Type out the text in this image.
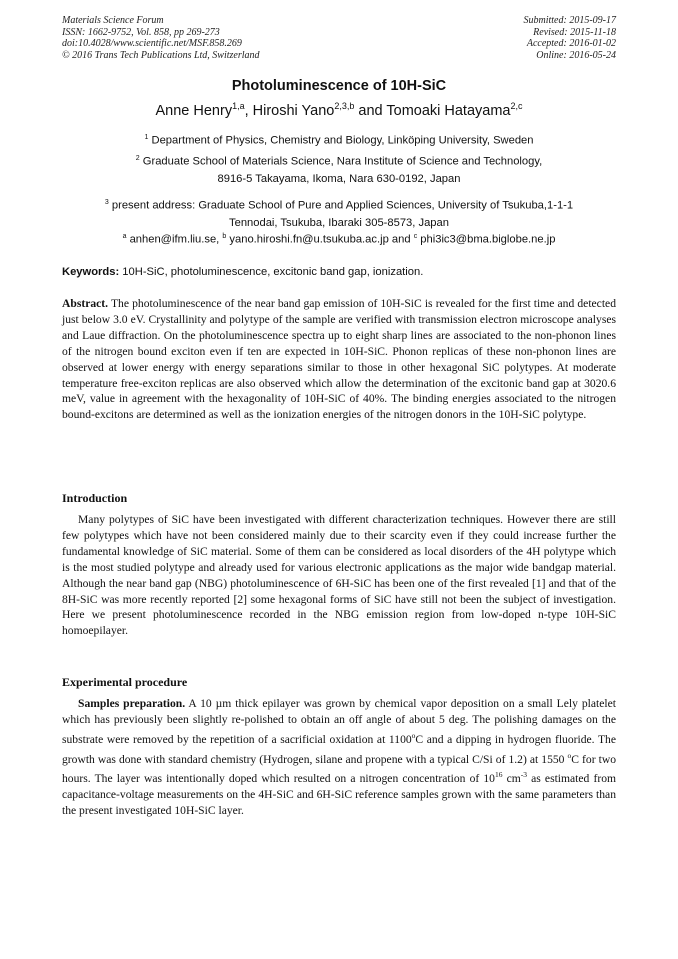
Materials Science Forum
ISSN: 1662-9752, Vol. 858, pp 269-273
doi:10.4028/www.scientific.net/MSF.858.269
© 2016 Trans Tech Publications Ltd, Switzerland
Submitted: 2015-09-17
Revised: 2015-11-18
Accepted: 2016-01-02
Online: 2016-05-24
Photoluminescence of 10H-SiC
Anne Henry$^{1,a}$, Hiroshi Yano$^{2,3,b}$ and Tomoaki Hatayama$^{2,c}$
$^1$ Department of Physics, Chemistry and Biology, Linköping University, Sweden
$^2$ Graduate School of Materials Science, Nara Institute of Science and Technology,
8916-5 Takayama, Ikoma, Nara 630-0192, Japan
$^3$ present address: Graduate School of Pure and Applied Sciences, University of Tsukuba,1-1-1
Tennodai, Tsukuba, Ibaraki 305-8573, Japan
$^a$ anhen@ifm.liu.se, $^b$ yano.hiroshi.fn@u.tsukuba.ac.jp and $^c$ phi3ic3@bma.biglobe.ne.jp
Keywords: 10H-SiC, photoluminescence, excitonic band gap, ionization.
Abstract. The photoluminescence of the near band gap emission of 10H-SiC is revealed for the first time and detected just below 3.0 eV. Crystallinity and polytype of the sample are verified with transmission electron microscope analyses and Laue diffraction. On the photoluminescence spectra up to eight sharp lines are associated to the non-phonon lines of the nitrogen bound exciton even if ten are expected in 10H-SiC. Phonon replicas of these non-phonon lines are observed at lower energy with energy separations similar to those in other hexagonal SiC polytypes. At moderate temperature free-exciton replicas are also observed which allow the determination of the excitonic band gap at 3020.6 meV, value in agreement with the hexagonality of 10H-SiC of 40%. The binding energies associated to the nitrogen bound-excitons are determined as well as the ionization energies of the nitrogen donors in the 10H-SiC polytype.
Introduction
Many polytypes of SiC have been investigated with different characterization techniques. However there are still few polytypes which have not been considered mainly due to their scarcity even if they could increase further the fundamental knowledge of SiC material. Some of them can be considered as local disorders of the 4H polytype which is the most studied polytype and already used for various electronic applications as the major wide bandgap material. Although the near band gap (NBG) photoluminescence of 6H-SiC has been one of the first revealed [1] and that of the 8H-SiC was more recently reported [2] some hexagonal forms of SiC have still not been the subject of investigation. Here we present photoluminescence recorded in the NBG emission region from low-doped n-type 10H-SiC homoepilayer.
Experimental procedure
Samples preparation. A 10 µm thick epilayer was grown by chemical vapor deposition on a small Lely platelet which has previously been slightly re-polished to obtain an off angle of about 5 deg. The polishing damages on the substrate were removed by the repetition of a sacrificial oxidation at 1100$^o$C and a dipping in hydrogen fluoride. The growth was done with standard chemistry (Hydrogen, silane and propene with a typical C/Si of 1.2) at 1550 $^o$C for two hours. The layer was intentionally doped which resulted on a nitrogen concentration of $10^{16}$ $cm^{-3}$ as estimated from capacitance-voltage measurements on the 4H-SiC and 6H-SiC reference samples grown with the same parameters than the present investigated 10H-SiC layer.
